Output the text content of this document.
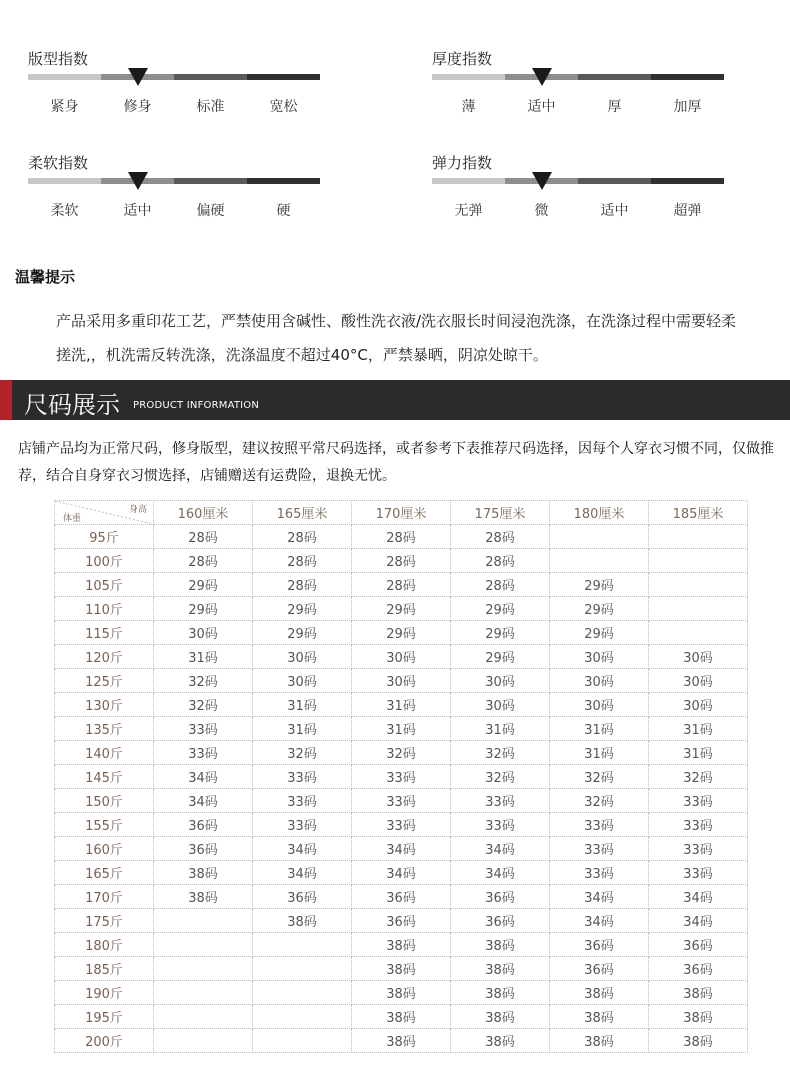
版型指数
紧身	修身	标准	宽松
厚度指数
薄	适中	厚	加厚
柔软指数
柔软	适中	偏硬	硬
弹力指数
无弹	微	适中	超弹
温馨提示
产品采用多重印花工艺，严禁使用含碱性、酸性洗衣液/洗衣服长时间浸泡洗涤，在洗涤过程中需要轻柔搓洗,，机洗需反转洗涤，洗涤温度不超过40°C，严禁暴晒，阴凉处晾干。
尺码展示 PRODUCT INFORMATION
店铺产品均为正常尺码，修身版型，建议按照平常尺码选择，或者参考下表推荐尺码选择，因每个人穿衣习惯不同，仅做推荐，结合自身穿衣习惯选择，店铺赠送有运费险，退换无忧。
身高
体重	160厘米	165厘米	170厘米	175厘米	180厘米	185厘米
95斤	28码	28码	28码	28码		
100斤	28码	28码	28码	28码		
105斤	29码	28码	28码	28码	29码	
110斤	29码	29码	29码	29码	29码	
115斤	30码	29码	29码	29码	29码	
120斤	31码	30码	30码	29码	30码	30码
125斤	32码	30码	30码	30码	30码	30码
130斤	32码	31码	31码	30码	30码	30码
135斤	33码	31码	31码	31码	31码	31码
140斤	33码	32码	32码	32码	31码	31码
145斤	34码	33码	33码	32码	32码	32码
150斤	34码	33码	33码	33码	32码	33码
155斤	36码	33码	33码	33码	33码	33码
160斤	36码	34码	34码	34码	33码	33码
165斤	38码	34码	34码	34码	33码	33码
170斤	38码	36码	36码	36码	34码	34码
175斤		38码	36码	36码	34码	34码
180斤			38码	38码	36码	36码
185斤			38码	38码	36码	36码
190斤			38码	38码	38码	38码
195斤			38码	38码	38码	38码
200斤			38码	38码	38码	38码
